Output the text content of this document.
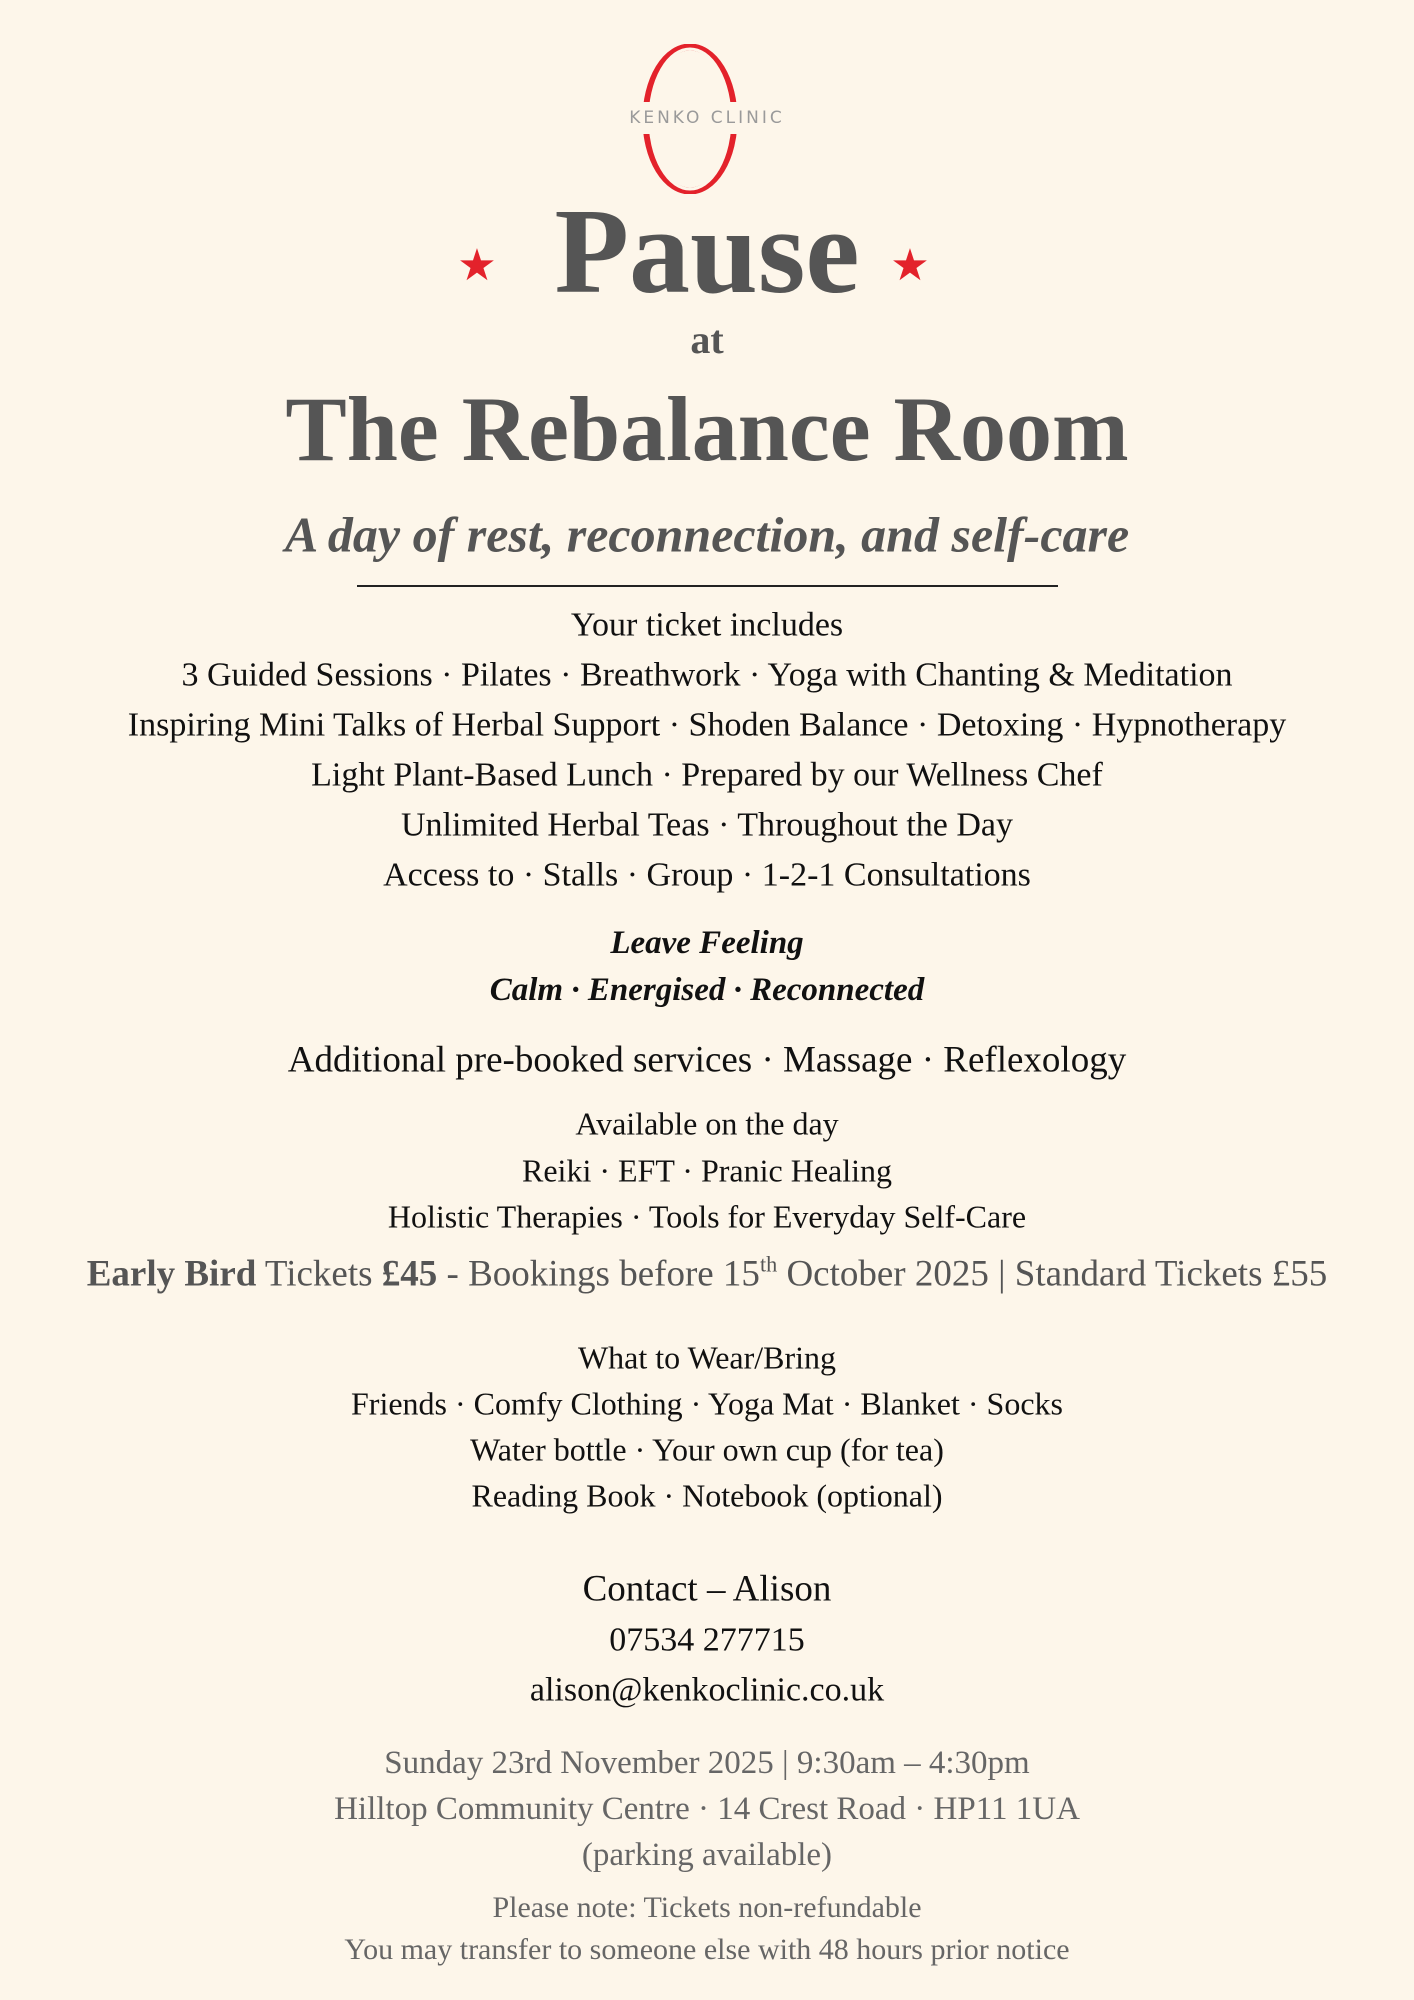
KENKO CLINIC
★	★
Pause
at
The Rebalance Room
A day of rest, reconnection, and self-care
Your ticket includes
3 Guided Sessions · Pilates · Breathwork · Yoga with Chanting & Meditation
Inspiring Mini Talks of Herbal Support · Shoden Balance · Detoxing · Hypnotherapy
Light Plant-Based Lunch · Prepared by our Wellness Chef
Unlimited Herbal Teas · Throughout the Day
Access to · Stalls · Group · 1-2-1 Consultations
Leave Feeling
Calm · Energised · Reconnected
Additional pre-booked services · Massage · Reflexology
Available on the day
Reiki · EFT · Pranic Healing
Holistic Therapies · Tools for Everyday Self-Care
Early Bird Tickets £45 - Bookings before 15th October 2025 | Standard Tickets £55
What to Wear/Bring
Friends · Comfy Clothing · Yoga Mat · Blanket · Socks
Water bottle · Your own cup (for tea)
Reading Book · Notebook (optional)
Contact – Alison
07534 277715
alison@kenkoclinic.co.uk
Sunday 23rd November 2025 | 9:30am – 4:30pm
Hilltop Community Centre · 14 Crest Road · HP11 1UA
(parking available)
Please note: Tickets non-refundable
You may transfer to someone else with 48 hours prior notice
